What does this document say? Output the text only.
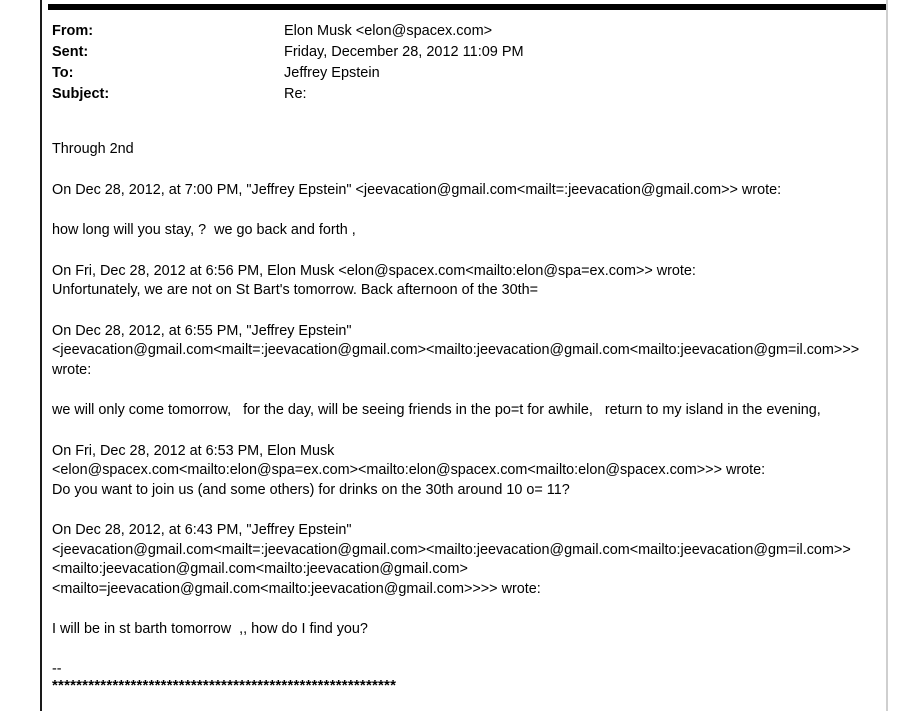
From:	Elon Musk <elon@spacex.com>
Sent:	Friday, December 28, 2012 11:09 PM
To:	Jeffrey Epstein
Subject:	Re:

Through 2nd

On Dec 28, 2012, at 7:00 PM, "Jeffrey Epstein" <jeevacation@gmail.com<mailt=:jeevacation@gmail.com>> wrote:

how long will you stay, ?  we go back and forth ,

On Fri, Dec 28, 2012 at 6:56 PM, Elon Musk <elon@spacex.com<mailto:elon@spa=ex.com>> wrote:

Unfortunately, we are not on St Bart's tomorrow. Back afternoon of the 30th=

On Dec 28, 2012, at 6:55 PM, "Jeffrey Epstein"

<jeevacation@gmail.com<mailt=:jeevacation@gmail.com><mailto:jeevacation@gmail.com<mailto:jeevacation@gm=il.com>>> wrote:

we will only come tomorrow,   for the day, will be seeing friends in the po=t for awhile,   return to my island in the evening,

On Fri, Dec 28, 2012 at 6:53 PM, Elon Musk

<elon@spacex.com<mailto:elon@spa=ex.com><mailto:elon@spacex.com<mailto:elon@spacex.com>>> wrote:

Do you want to join us (and some others) for drinks on the 30th around 10 o= 11?

On Dec 28, 2012, at 6:43 PM, "Jeffrey Epstein"

<jeevacation@gmail.com<mailt=:jeevacation@gmail.com><mailto:jeevacation@gmail.com<mailto:jeevacation@gm=il.com>><mailto:jeevacation@gmail.com<mailto:jeevacation@gmail.com><mailto=jeevacation@gmail.com<mailto:jeevacation@gmail.com>>>> wrote:

I will be in st barth tomorrow  ,, how do I find you?

--

*********************************************************
